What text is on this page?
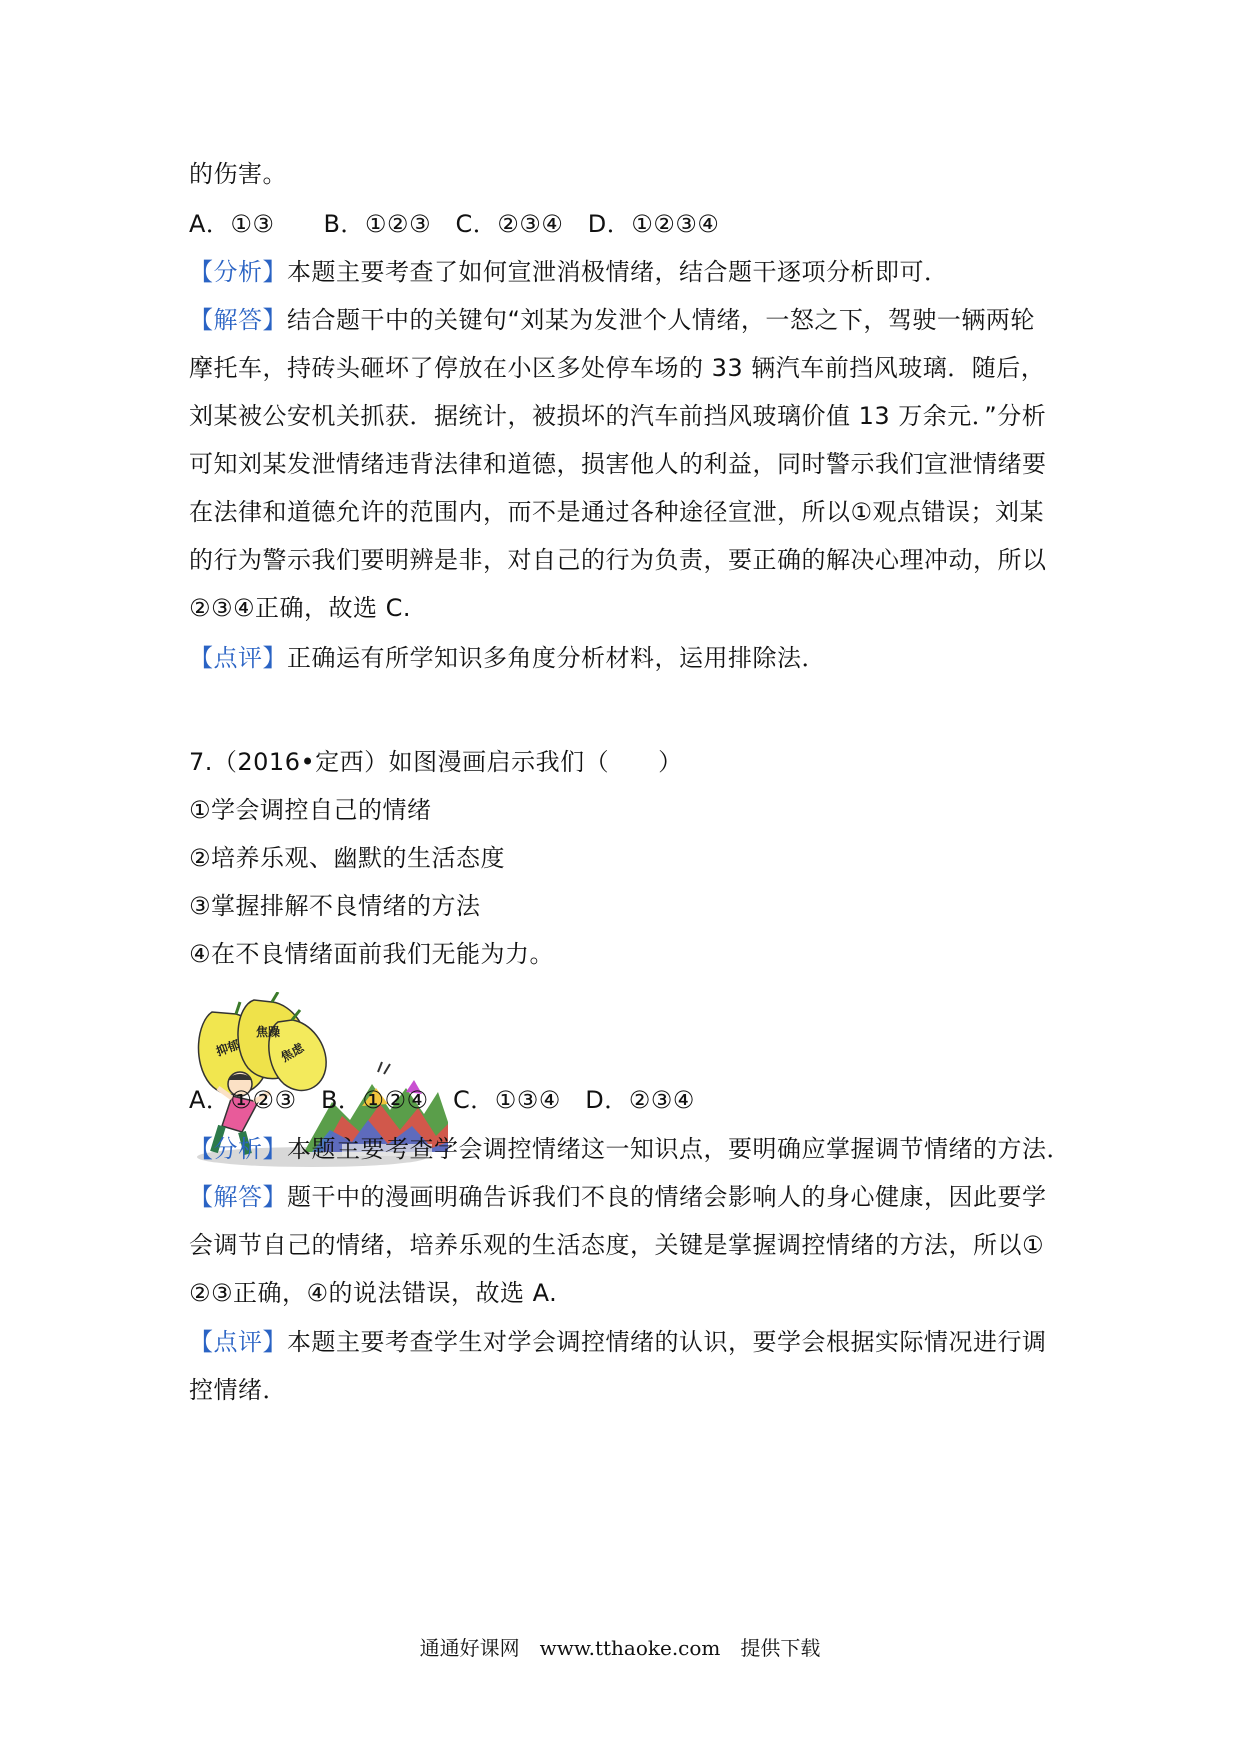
的伤害。
A．①③　　B．①②③　C．②③④　D．①②③④
【分析】本题主要考查了如何宣泄消极情绪，结合题干逐项分析即可．
【解答】结合题干中的关键句“刘某为发泄个人情绪，一怒之下，驾驶一辆两轮
摩托车，持砖头砸坏了停放在小区多处停车场的 33 辆汽车前挡风玻璃．随后，
刘某被公安机关抓获．据统计，被损坏的汽车前挡风玻璃价值 13 万余元．”分析
可知刘某发泄情绪违背法律和道德，损害他人的利益，同时警示我们宣泄情绪要
在法律和道德允许的范围内，而不是通过各种途径宣泄，所以①观点错误；刘某
的行为警示我们要明辨是非，对自己的行为负责，要正确的解决心理冲动，所以
②③④正确，故选 C.
【点评】正确运有所学知识多角度分析材料，运用排除法．
7.（2016•定西）如图漫画启示我们（　　）
①学会调控自己的情绪
②培养乐观、幽默的生活态度
③掌握排解不良情绪的方法
④在不良情绪面前我们无能为力。
抑郁
焦躁
焦虑
A．①②③　B．①②④　C．①③④　D．②③④
【分析】本题主要考查学会调控情绪这一知识点，要明确应掌握调节情绪的方法．
【解答】题干中的漫画明确告诉我们不良的情绪会影响人的身心健康，因此要学
会调节自己的情绪，培养乐观的生活态度，关键是掌握调控情绪的方法，所以①
②③正确，④的说法错误，故选 A.
【点评】本题主要考查学生对学会调控情绪的认识，要学会根据实际情况进行调
控情绪．
通通好课网　www.tthaoke.com　提供下载
